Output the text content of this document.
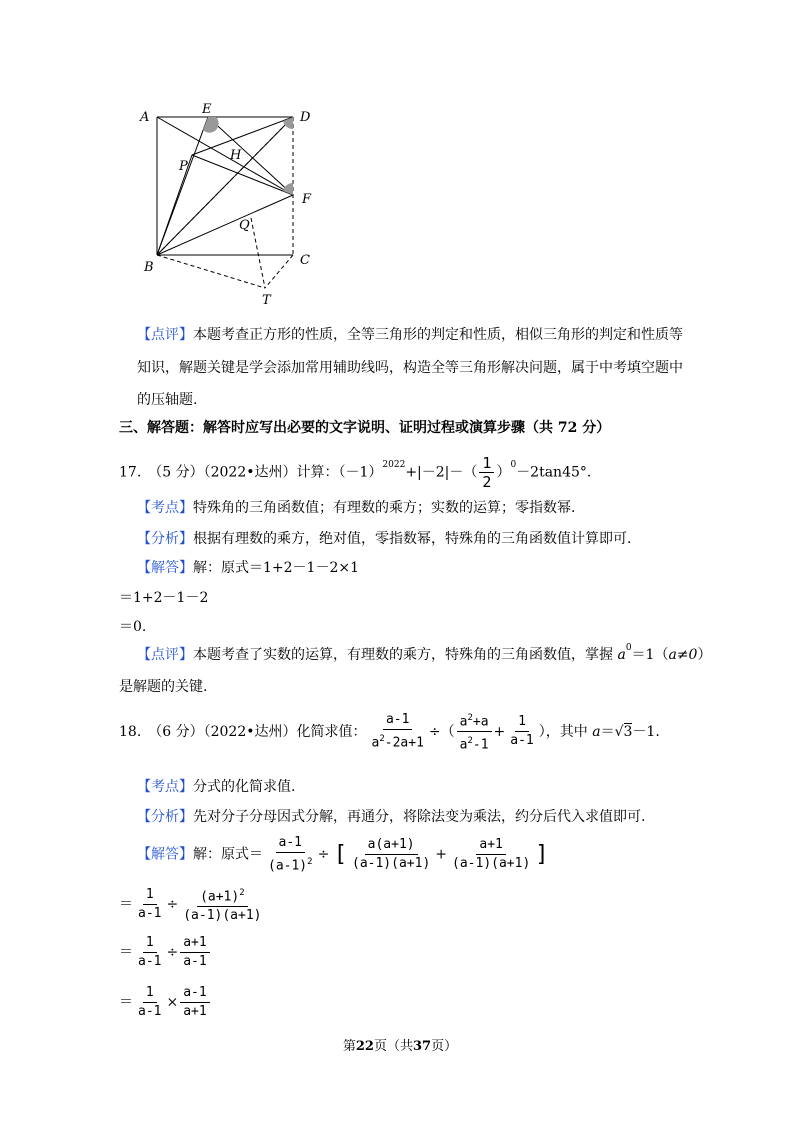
A
E
D
P
H
F
Q
B	C
T
【点评】本题考查正方形的性质，全等三角形的判定和性质，相似三角形的判定和性质等
知识，解题关键是学会添加常用辅助线吗，构造全等三角形解决问题，属于中考填空题中
的压轴题.
三、解答题：解答时应写出必要的文字说明、证明过程或演算步骤（共 72 分）
17.　（5 分）（2022•达州）计算：$(-1)^{2022}+|-2|-( \frac{1}{2} )^0-2\tan 45^\circ$.
【考点】特殊角的三角函数值；有理数的乘方；实数的运算；零指数幂.
【分析】根据有理数的乘方，绝对值，零指数幂，特殊角的三角函数值计算即可.
【解答】解：原式＝1+2－1－2×1
＝1+2－1－2
＝0.
【点评】本题考查了实数的运算，有理数的乘方，特殊角的三角函数值，掌握 $a^0=1(a\ne 0)$
是解题的关键.
18.　（6 分）（2022•达州）化简求值： $\frac{a-1}{a^2-2a+1}$ ÷（ $\frac{a^2+a}{a^2-1} + \frac{1}{a-1}$ ），其中 a＝√3－1.
【考点】分式的化简求值.
【分析】先对分子分母因式分解，再通分，将除法变为乘法，约分后代入求值即可.
【解答】解：原式＝ $\frac{a-1}{(a-1)^2}$ ÷ [ $\frac{a(a+1)}{(a-1)(a+1)} + \frac{a+1}{(a-1)(a+1)}$ ]
＝ $\frac{1}{a-1} \div \frac{(a+1)^2}{(a-1)(a+1)}$
＝ $\frac{1}{a-1} \div \frac{a+1}{a-1}$
＝ $\frac{1}{a-1} \times \frac{a-1}{a+1}$
第22页（共37页）
